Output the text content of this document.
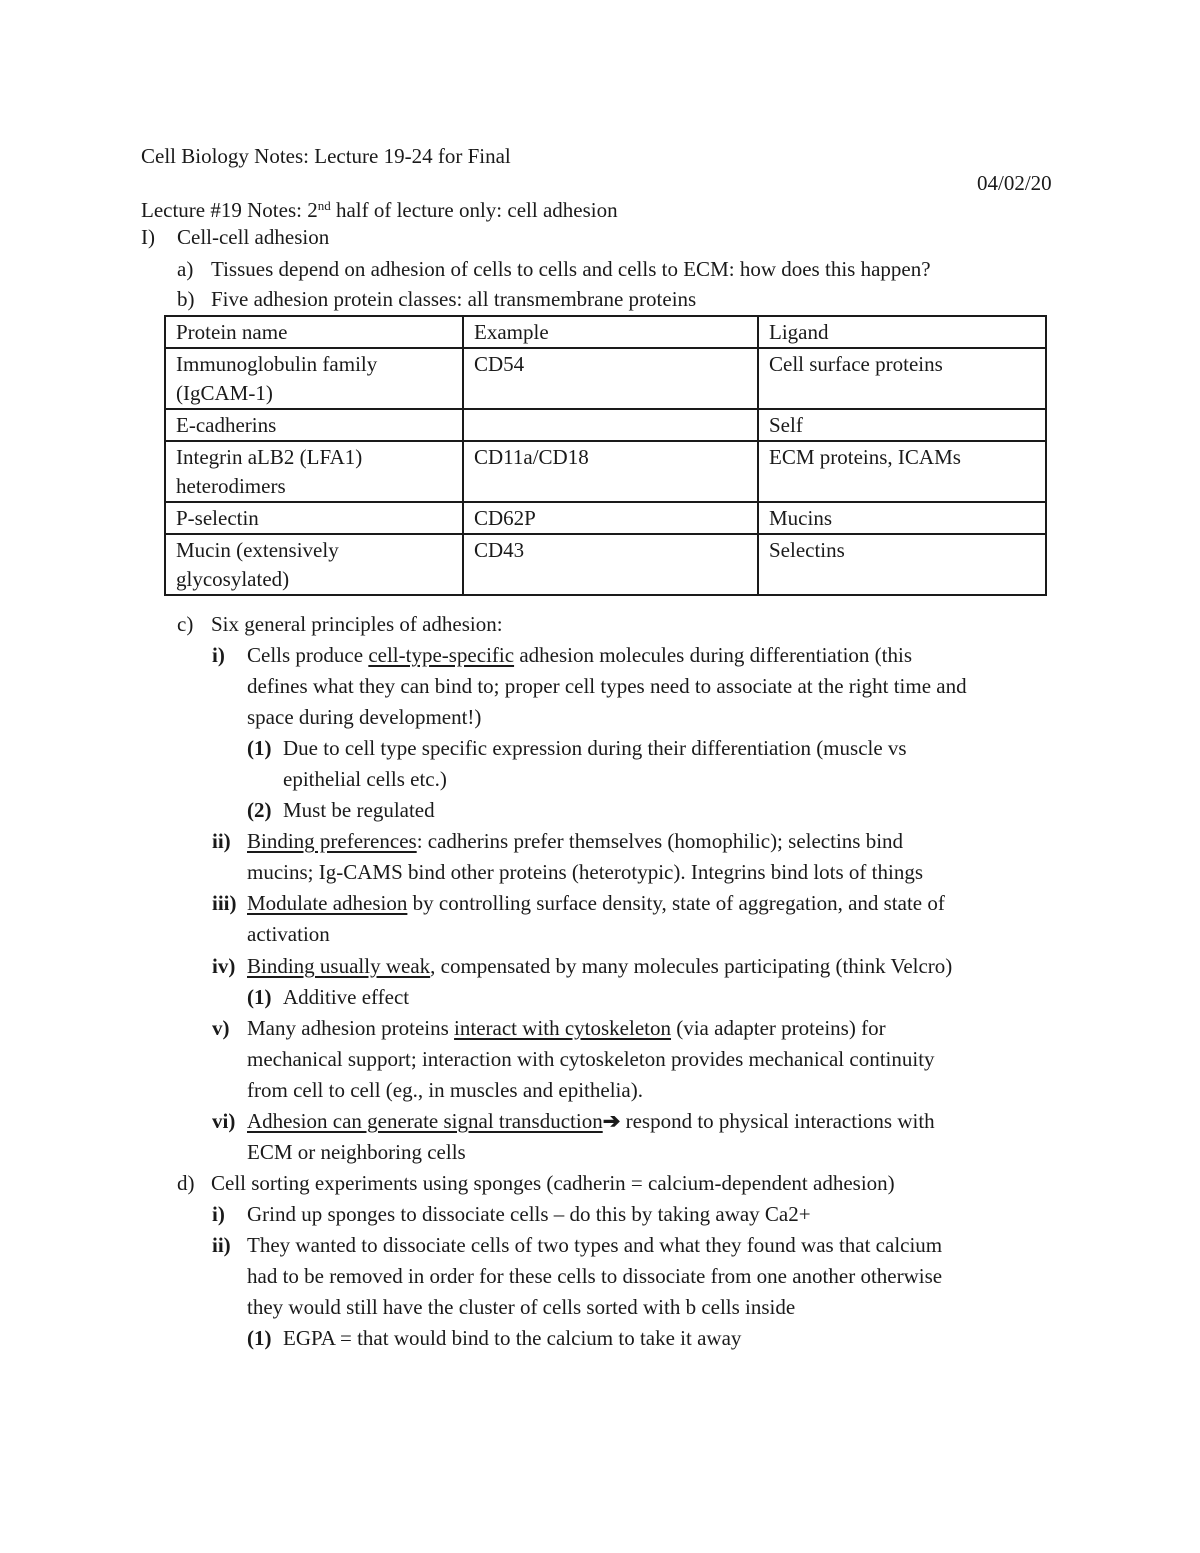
Cell Biology Notes: Lecture 19-24 for Final
04/02/20
Lecture #19 Notes: 2nd half of lecture only: cell adhesion
I) Cell-cell adhesion
a) Tissues depend on adhesion of cells to cells and cells to ECM: how does this happen?
b) Five adhesion protein classes: all transmembrane proteins
Protein name	Example	Ligand
Immunoglobulin family (IgCAM-1)	CD54	Cell surface proteins
E-cadherins		Self
Integrin aLB2 (LFA1) heterodimers	CD11a/CD18	ECM proteins, ICAMs
P-selectin	CD62P	Mucins
Mucin (extensively glycosylated)	CD43	Selectins
c) Six general principles of adhesion:
i) Cells produce cell-type-specific adhesion molecules during differentiation (this
defines what they can bind to; proper cell types need to associate at the right time and
space during development!)
(1) Due to cell type specific expression during their differentiation (muscle vs
epithelial cells etc.)
(2) Must be regulated
ii) Binding preferences: cadherins prefer themselves (homophilic); selectins bind
mucins; Ig-CAMS bind other proteins (heterotypic). Integrins bind lots of things
iii) Modulate adhesion by controlling surface density, state of aggregation, and state of
activation
iv) Binding usually weak, compensated by many molecules participating (think Velcro)
(1) Additive effect
v) Many adhesion proteins interact with cytoskeleton (via adapter proteins) for
mechanical support; interaction with cytoskeleton provides mechanical continuity
from cell to cell (eg., in muscles and epithelia).
vi) Adhesion can generate signal transduction➔ respond to physical interactions with
ECM or neighboring cells
d) Cell sorting experiments using sponges (cadherin = calcium-dependent adhesion)
i) Grind up sponges to dissociate cells – do this by taking away Ca2+
ii) They wanted to dissociate cells of two types and what they found was that calcium
had to be removed in order for these cells to dissociate from one another otherwise
they would still have the cluster of cells sorted with b cells inside
(1) EGPA = that would bind to the calcium to take it away
